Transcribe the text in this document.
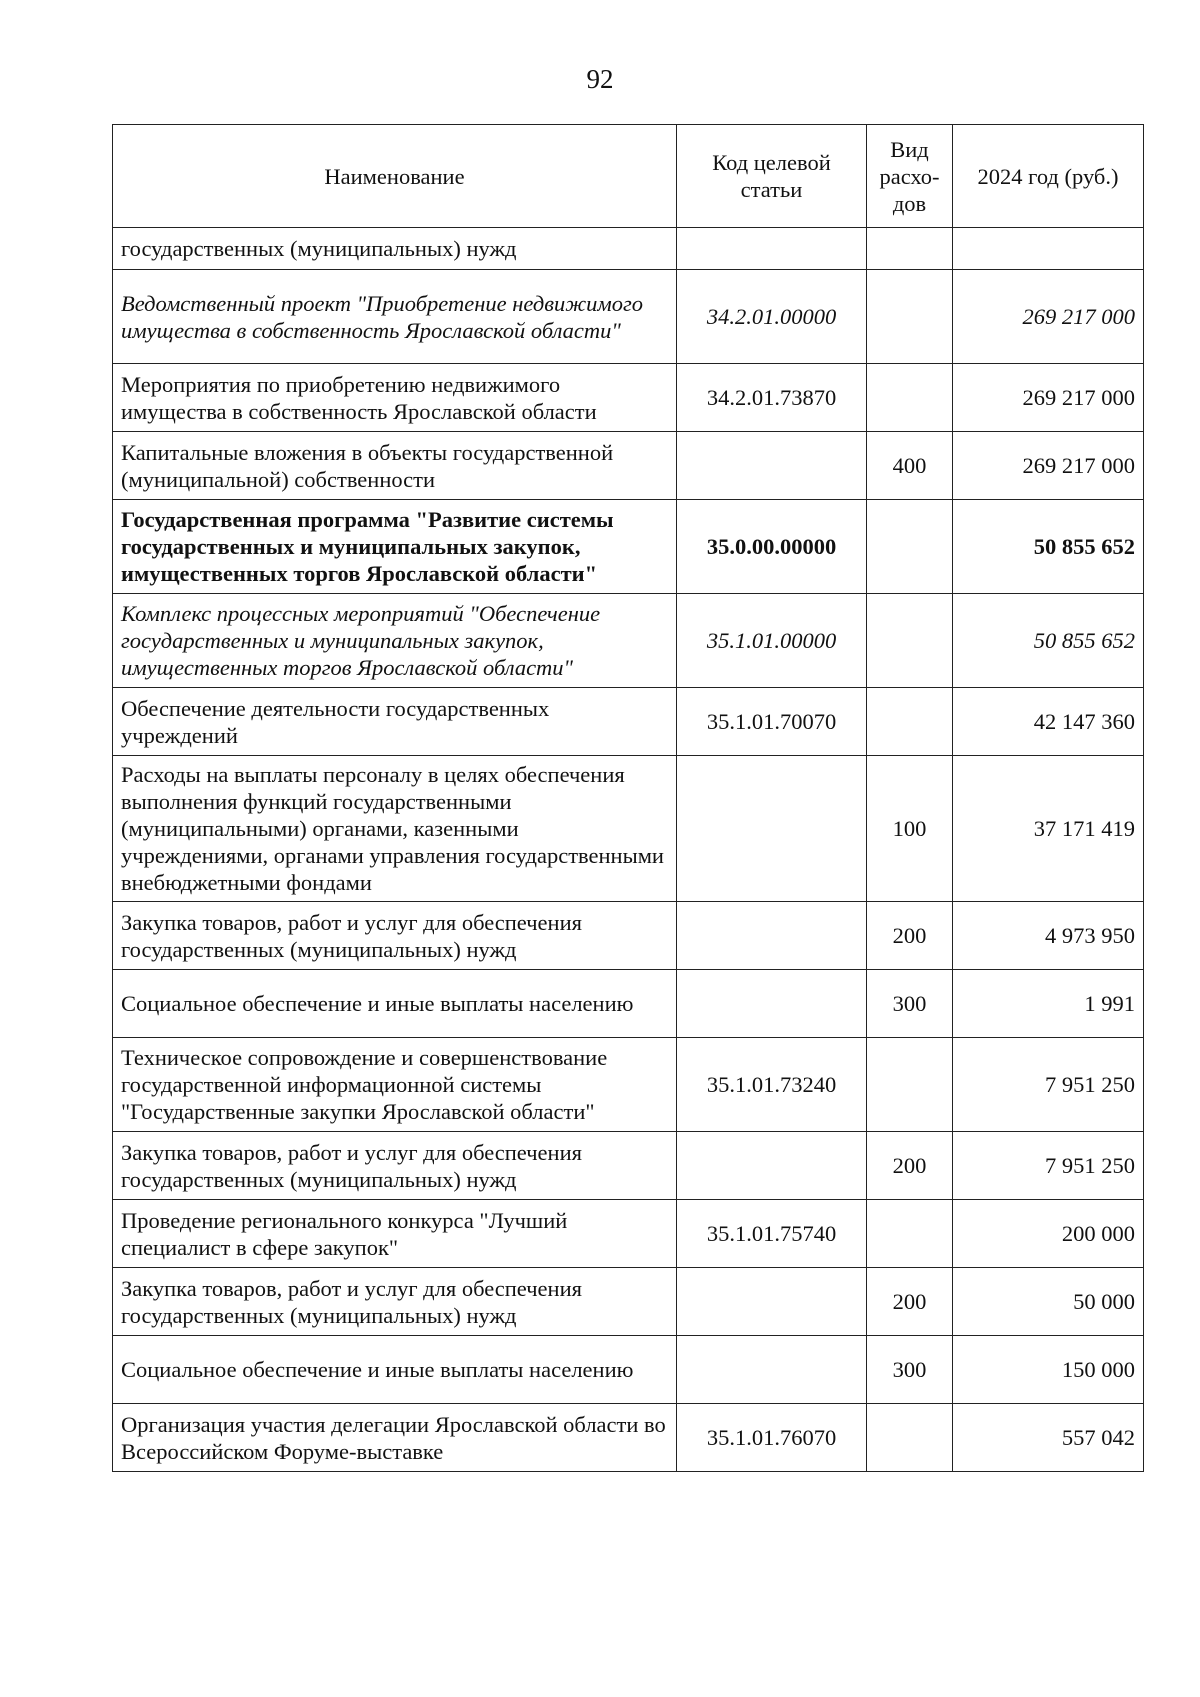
92
Наименование	Код целевой статьи	Вид расхо-дов	2024 год (руб.)
государственных (муниципальных) нужд			
Ведомственный проект "Приобретение недвижимого имущества в собственность Ярославской области"	34.2.01.00000		269 217 000
Мероприятия по приобретению недвижимого имущества в собственность Ярославской области	34.2.01.73870		269 217 000
Капитальные вложения в объекты государственной (муниципальной) собственности		400	269 217 000
Государственная программа "Развитие системы государственных и муниципальных закупок, имущественных торгов Ярославской области"	35.0.00.00000		50 855 652
Комплекс процессных мероприятий "Обеспечение государственных и муниципальных закупок, имущественных торгов Ярославской области"	35.1.01.00000		50 855 652
Обеспечение деятельности государственных учреждений	35.1.01.70070		42 147 360
Расходы на выплаты персоналу в целях обеспечения выполнения функций государственными (муниципальными) органами, казенными учреждениями, органами управления государственными внебюджетными фондами		100	37 171 419
Закупка товаров, работ и услуг для обеспечения государственных (муниципальных) нужд		200	4 973 950
Социальное обеспечение и иные выплаты населению		300	1 991
Техническое сопровождение и совершенствование государственной информационной системы "Государственные закупки Ярославской области"	35.1.01.73240		7 951 250
Закупка товаров, работ и услуг для обеспечения государственных (муниципальных) нужд		200	7 951 250
Проведение регионального конкурса "Лучший специалист в сфере закупок"	35.1.01.75740		200 000
Закупка товаров, работ и услуг для обеспечения государственных (муниципальных) нужд		200	50 000
Социальное обеспечение и иные выплаты населению		300	150 000
Организация участия делегации Ярославской области во Всероссийском Форуме-выставке	35.1.01.76070		557 042
